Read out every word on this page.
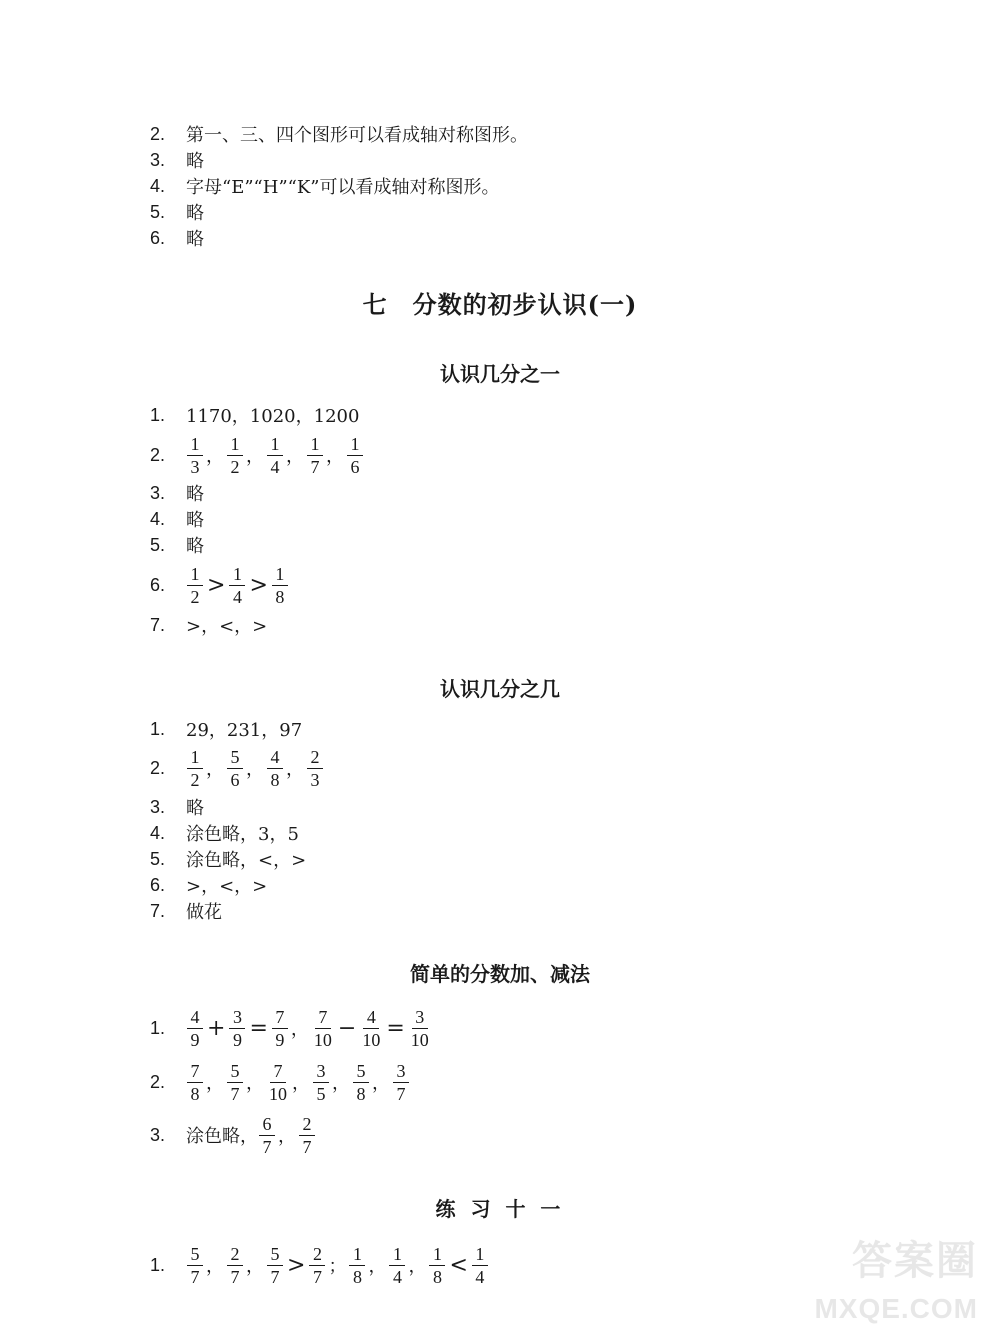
2.	第一、三、四个图形可以看成轴对称图形。
3.	略
4.	字母“E”“H”“K”可以看成轴对称图形。
5.	略
6.	略
七　分数的初步认识(一)
认识几分之一
1.	1170，1020，1200
2.	$\frac{1}{3}$ ， $\frac{1}{2}$ ， $\frac{1}{4}$ ， $\frac{1}{7}$ ， $\frac{1}{6}$
3.	略
4.	略
5.	略
6.	$\frac{1}{2} > \frac{1}{4} > \frac{1}{8}$
7.	>，<，>
认识几分之几
1.	29，231，97
2.	$\frac{1}{2}$ ， $\frac{5}{6}$ ， $\frac{4}{8}$ ， $\frac{2}{3}$
3.	略
4.	涂色略，3，5
5.	涂色略，<，>
6.	>，<，>
7.	做花
简单的分数加、减法
1.	$\frac{4}{9} + \frac{3}{9} = \frac{7}{9}$ ， $\frac{7}{10} - \frac{4}{10} = \frac{3}{10}$
2.	$\frac{7}{8}$ ， $\frac{5}{7}$ ， $\frac{7}{10}$ ， $\frac{3}{5}$ ， $\frac{5}{8}$ ， $\frac{3}{7}$
3.	涂色略， $\frac{6}{7}$ ， $\frac{2}{7}$
练 习 十 一
1.	$\frac{5}{7}$ ， $\frac{2}{7}$ ， $\frac{5}{7} > \frac{2}{7}$ ； $\frac{1}{8}$ ， $\frac{1}{4}$ ， $\frac{1}{8} < \frac{1}{4}$	答案圈
MXQE.COM
